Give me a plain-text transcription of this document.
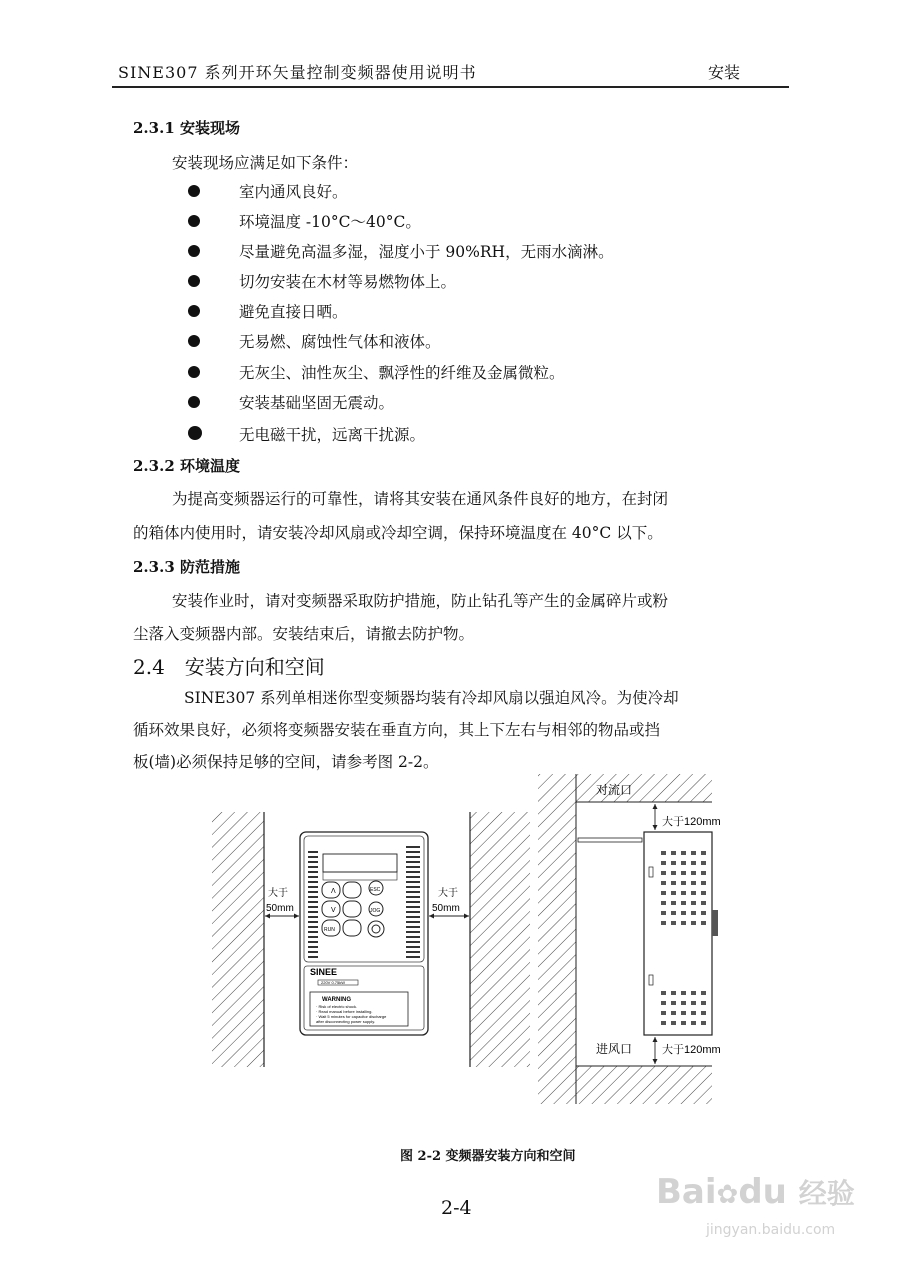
SINE307 系列开环矢量控制变频器使用说明书	安装
2.3.1 安装现场
安装现场应满足如下条件：
室内通风良好。
环境温度 -10°C～40°C。
尽量避免高温多湿，湿度小于 90%RH，无雨水滴淋。
切勿安装在木材等易燃物体上。
避免直接日晒。
无易燃、腐蚀性气体和液体。
无灰尘、油性灰尘、飘浮性的纤维及金属微粒。
安装基础坚固无震动。
无电磁干扰，远离干扰源。
2.3.2 环境温度
为提高变频器运行的可靠性，请将其安装在通风条件良好的地方，在封闭
的箱体内使用时，请安装冷却风扇或冷却空调，保持环境温度在 40°C 以下。
2.3.3 防范措施
安装作业时，请对变频器采取防护措施，防止钻孔等产生的金属碎片或粉
尘落入变频器内部。安装结束后，请撤去防护物。
2.4　安装方向和空间
SINE307 系列单相迷你型变频器均装有冷却风扇以强迫风冷。为使冷却
循环效果良好，必须将变频器安装在垂直方向，其上下左右与相邻的物品或挡
板(墙)必须保持足够的空间，请参考图 2-2。
Λ
V
ESC
JOG
RUN
SINEE
220V 0.75kW
WARNING
· Risk of electric shock.
· Read manual before installing.
· Wait 5 minutes for capacitor discharge
after disconnecting power supply.
大于
50mm
大于
50mm
对流口
大于120mm
进风口	大于120mm
图 2-2 变频器安装方向和空间
2-4	Bai✿du 经验
jingyan.baidu.com
